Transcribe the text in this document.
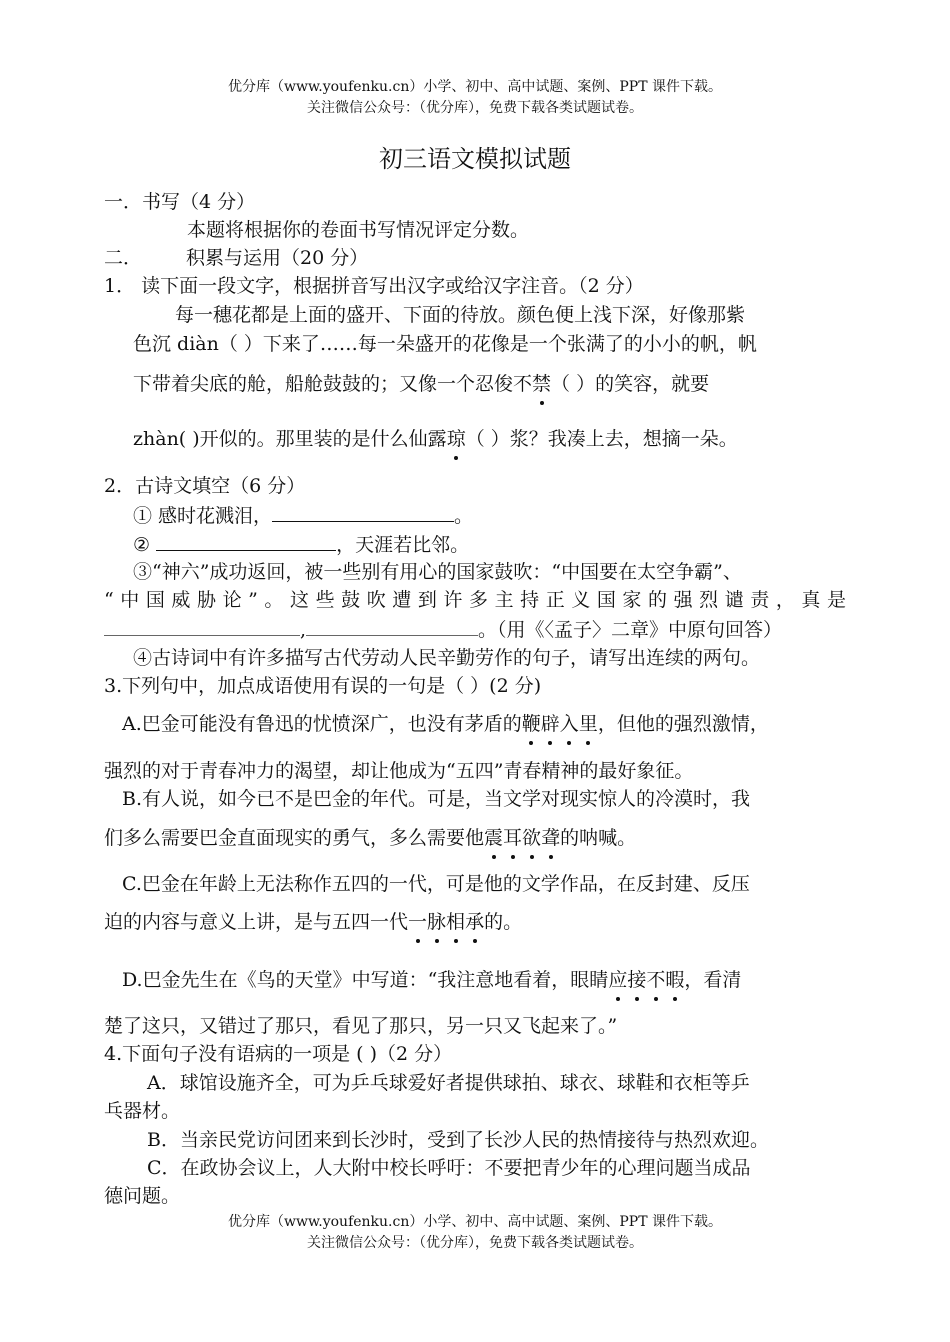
优分库（www.youfenku.cn）小学、初中、高中试题、案例、PPT 课件下载。
关注微信公众号：（优分库），免费下载各类试题试卷。
初三语文模拟试题
一．书写（4 分）
本题将根据你的卷面书写情况评定分数。
二． 积累与运用（20 分）
1． 读下面一段文字，根据拼音写出汉字或给汉字注音。（2 分）
每一穗花都是上面的盛开、下面的待放。颜色便上浅下深，好像那紫
色沉 diàn（ ）下来了……每一朵盛开的花像是一个张满了的小小的帆，帆
下带着尖底的舱，船舱鼓鼓的；又像一个忍俊不禁（ ）的笑容，就要
zhàn( )开似的。那里装的是什么仙露琼（ ）浆？我凑上去，想摘一朵。
2．古诗文填空（6 分）
① 感时花溅泪，	。
②	，天涯若比邻。
③“神六”成功返回，被一些别有用心的国家鼓吹：“中国要在太空争霸”、
“中国威胁论”。这些鼓吹遭到许多主持正义国家的强烈谴责，真是
,	。（用《〈孟子〉二章》中原句回答）
④古诗词中有许多描写古代劳动人民辛勤劳作的句子，请写出连续的两句。
3.下列句中，加点成语使用有误的一句是（ ）(2 分)
A.巴金可能没有鲁迅的忧愤深广，也没有茅盾的鞭辟入里，但他的强烈激情，
强烈的对于青春冲力的渴望，却让他成为“五四”青春精神的最好象征。
B.有人说，如今已不是巴金的年代。可是，当文学对现实惊人的冷漠时，我
们多么需要巴金直面现实的勇气，多么需要他震耳欲聋的呐喊。
C.巴金在年龄上无法称作五四的一代，可是他的文学作品，在反封建、反压
迫的内容与意义上讲，是与五四一代一脉相承的。
D.巴金先生在《鸟的天堂》中写道：“我注意地看着，眼睛应接不暇，看清
楚了这只，又错过了那只，看见了那只，另一只又飞起来了。”
4.下面句子没有语病的一项是 ( )（2 分）
A．球馆设施齐全，可为乒乓球爱好者提供球拍、球衣、球鞋和衣柜等乒
乓器材。
B．当亲民党访问团来到长沙时，受到了长沙人民的热情接待与热烈欢迎。
C．在政协会议上，人大附中校长呼吁：不要把青少年的心理问题当成品
德问题。
优分库（www.youfenku.cn）小学、初中、高中试题、案例、PPT 课件下载。
关注微信公众号：（优分库），免费下载各类试题试卷。
